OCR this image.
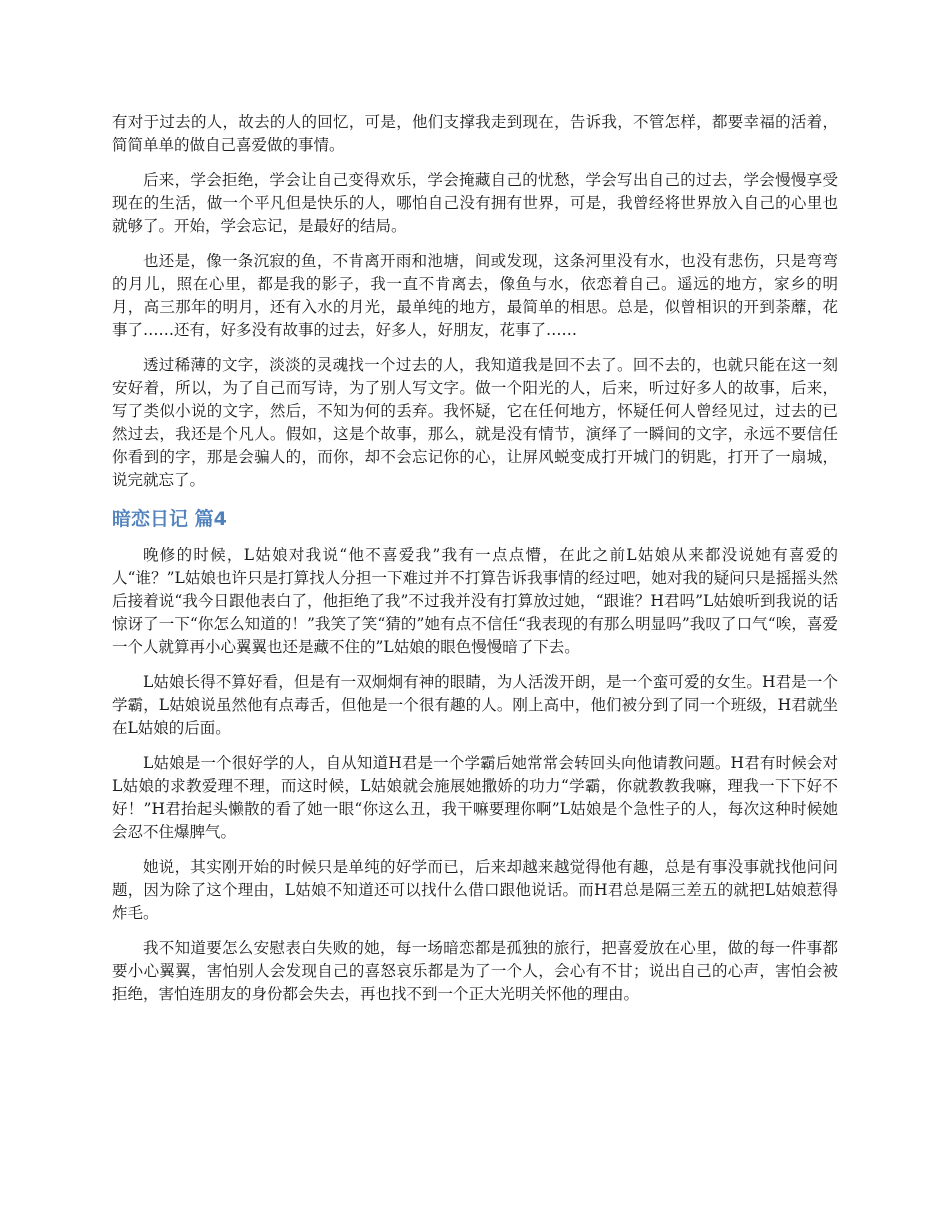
有对于过去的人，故去的人的回忆，可是，他们支撑我走到现在，告诉我，不管怎样，都要幸福的活着，简简单单的做自己喜爱做的事情。

后来，学会拒绝，学会让自己变得欢乐，学会掩藏自己的忧愁，学会写出自己的过去，学会慢慢享受现在的生活，做一个平凡但是快乐的人，哪怕自己没有拥有世界，可是，我曾经将世界放入自己的心里也就够了。开始，学会忘记，是最好的结局。

也还是，像一条沉寂的鱼，不肯离开雨和池塘，间或发现，这条河里没有水，也没有悲伤，只是弯弯的月儿，照在心里，都是我的影子，我一直不肯离去，像鱼与水，依恋着自己。遥远的地方，家乡的明月，高三那年的明月，还有入水的月光，最单纯的地方，最简单的相思。总是，似曾相识的开到荼蘼，花事了……还有，好多没有故事的过去，好多人，好朋友，花事了……

透过稀薄的文字，淡淡的灵魂找一个过去的人，我知道我是回不去了。回不去的，也就只能在这一刻安好着，所以，为了自己而写诗，为了别人写文字。做一个阳光的人，后来，听过好多人的故事，后来，写了类似小说的文字，然后，不知为何的丢弃。我怀疑，它在任何地方，怀疑任何人曾经见过，过去的已然过去，我还是个凡人。假如，这是个故事，那么，就是没有情节，演绎了一瞬间的文字，永远不要信任你看到的字，那是会骗人的，而你，却不会忘记你的心，让屏风蜕变成打开城门的钥匙，打开了一扇城，说完就忘了。

暗恋日记 篇4

晚修的时候，L姑娘对我说“他不喜爱我”我有一点点懵，在此之前L姑娘从来都没说她有喜爱的人“谁？”L姑娘也许只是打算找人分担一下难过并不打算告诉我事情的经过吧，她对我的疑问只是摇摇头然后接着说“我今日跟他表白了，他拒绝了我”不过我并没有打算放过她，“跟谁？H君吗”L姑娘听到我说的话惊讶了一下“你怎么知道的！”我笑了笑“猜的”她有点不信任“我表现的有那么明显吗”我叹了口气“唉，喜爱一个人就算再小心翼翼也还是藏不住的”L姑娘的眼色慢慢暗了下去。

L姑娘长得不算好看，但是有一双炯炯有神的眼睛，为人活泼开朗，是一个蛮可爱的女生。H君是一个学霸，L姑娘说虽然他有点毒舌，但他是一个很有趣的人。刚上高中，他们被分到了同一个班级，H君就坐在L姑娘的后面。

L姑娘是一个很好学的人，自从知道H君是一个学霸后她常常会转回头向他请教问题。H君有时候会对L姑娘的求教爱理不理，而这时候，L姑娘就会施展她撒娇的功力“学霸，你就教教我嘛，理我一下下好不好！”H君抬起头懒散的看了她一眼“你这么丑，我干嘛要理你啊”L姑娘是个急性子的人，每次这种时候她会忍不住爆脾气。

她说，其实刚开始的时候只是单纯的好学而已，后来却越来越觉得他有趣，总是有事没事就找他问问题，因为除了这个理由，L姑娘不知道还可以找什么借口跟他说话。而H君总是隔三差五的就把L姑娘惹得炸毛。

我不知道要怎么安慰表白失败的她，每一场暗恋都是孤独的旅行，把喜爱放在心里，做的每一件事都要小心翼翼，害怕别人会发现自己的喜怒哀乐都是为了一个人，会心有不甘；说出自己的心声，害怕会被拒绝，害怕连朋友的身份都会失去，再也找不到一个正大光明关怀他的理由。
